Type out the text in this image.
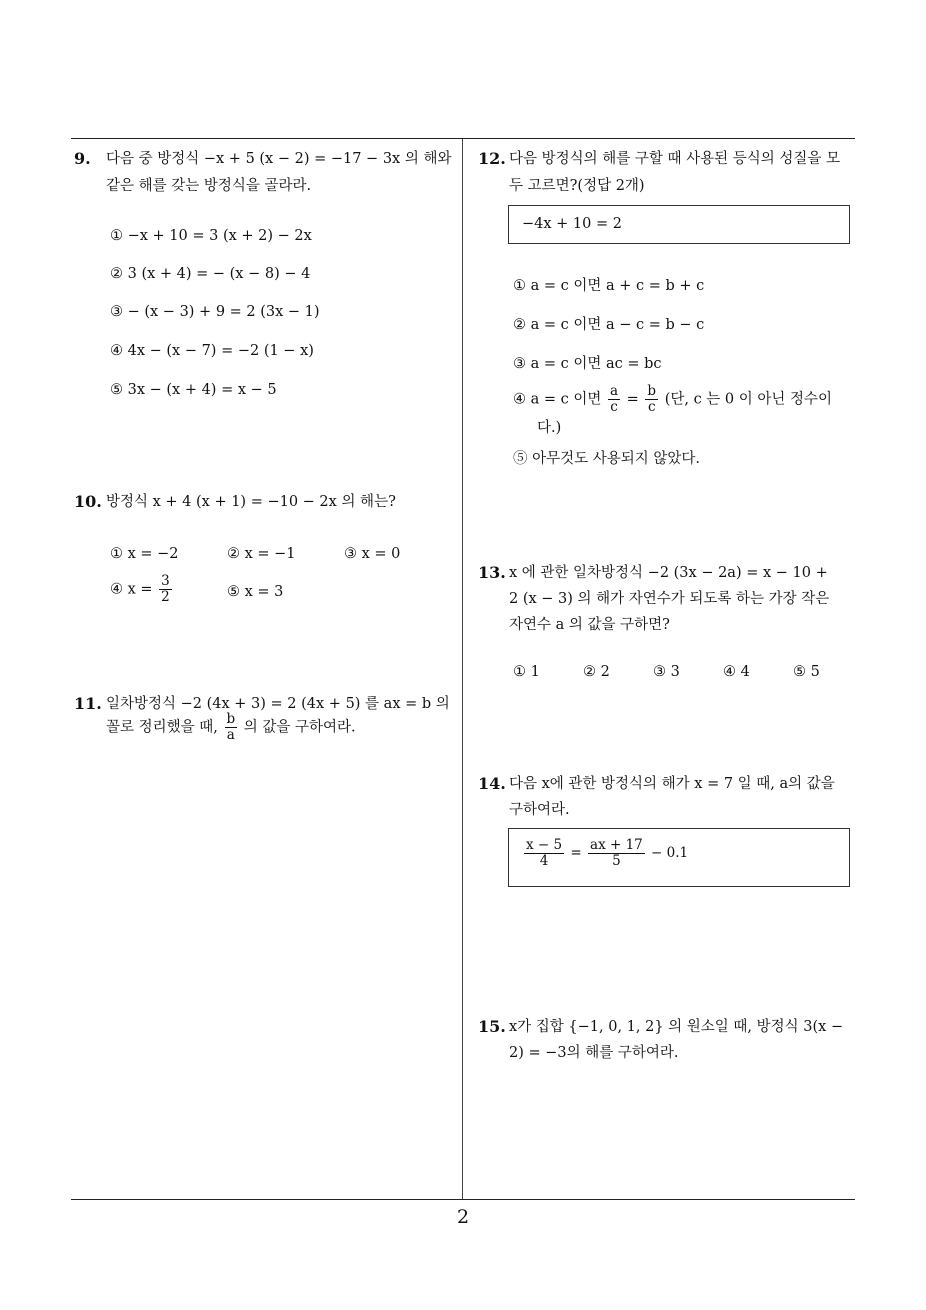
9. 다음 중 방정식 −x + 5 (x − 2) = −17 − 3x 의 해와
같은 해를 갖는 방정식을 골라라.
① −x + 10 = 3 (x + 2) − 2x
② 3 (x + 4) = − (x − 8) − 4
③ − (x − 3) + 9 = 2 (3x − 1)
④ 4x − (x − 7) = −2 (1 − x)
⑤ 3x − (x + 4) = x − 5
10. 방정식 x + 4 (x + 1) = −10 − 2x 의 해는?
① x = −2	② x = −1	③ x = 0
④ $x = \frac{3}{2}$	⑤ x = 3
11. 일차방정식 −2 (4x + 3) = 2 (4x + 5) 를 ax = b 의
꼴로 정리했을 때, $\frac{b}{a}$ 의 값을 구하여라.
12. 다음 방정식의 해를 구할 때 사용된 등식의 성질을 모
두 고르면?(정답 2개)
−4x + 10 = 2
① a = c 이면 a + c = b + c
② a = c 이면 a − c = b − c
③ a = c 이면 ac = bc
④ a = c 이면 $\frac{a}{c} = \frac{b}{c}$ (단, c 는 0 이 아닌 정수이
다.)
⑤ 아무것도 사용되지 않았다.
13. x 에 관한 일차방정식 −2 (3x − 2a) = x − 10 +
2 (x − 3) 의 해가 자연수가 되도록 하는 가장 작은
자연수 a 의 값을 구하면?
① 1	② 2	③ 3	④ 4	⑤ 5
14. 다음 x에 관한 방정식의 해가 x = 7 일 때, a의 값을
구하여라.
$\frac{x - 5}{4} = \frac{ax + 17}{5} - 0.1$
15. x가 집합 {−1, 0, 1, 2} 의 원소일 때, 방정식 3(x −
2) = −3의 해를 구하여라.
2
